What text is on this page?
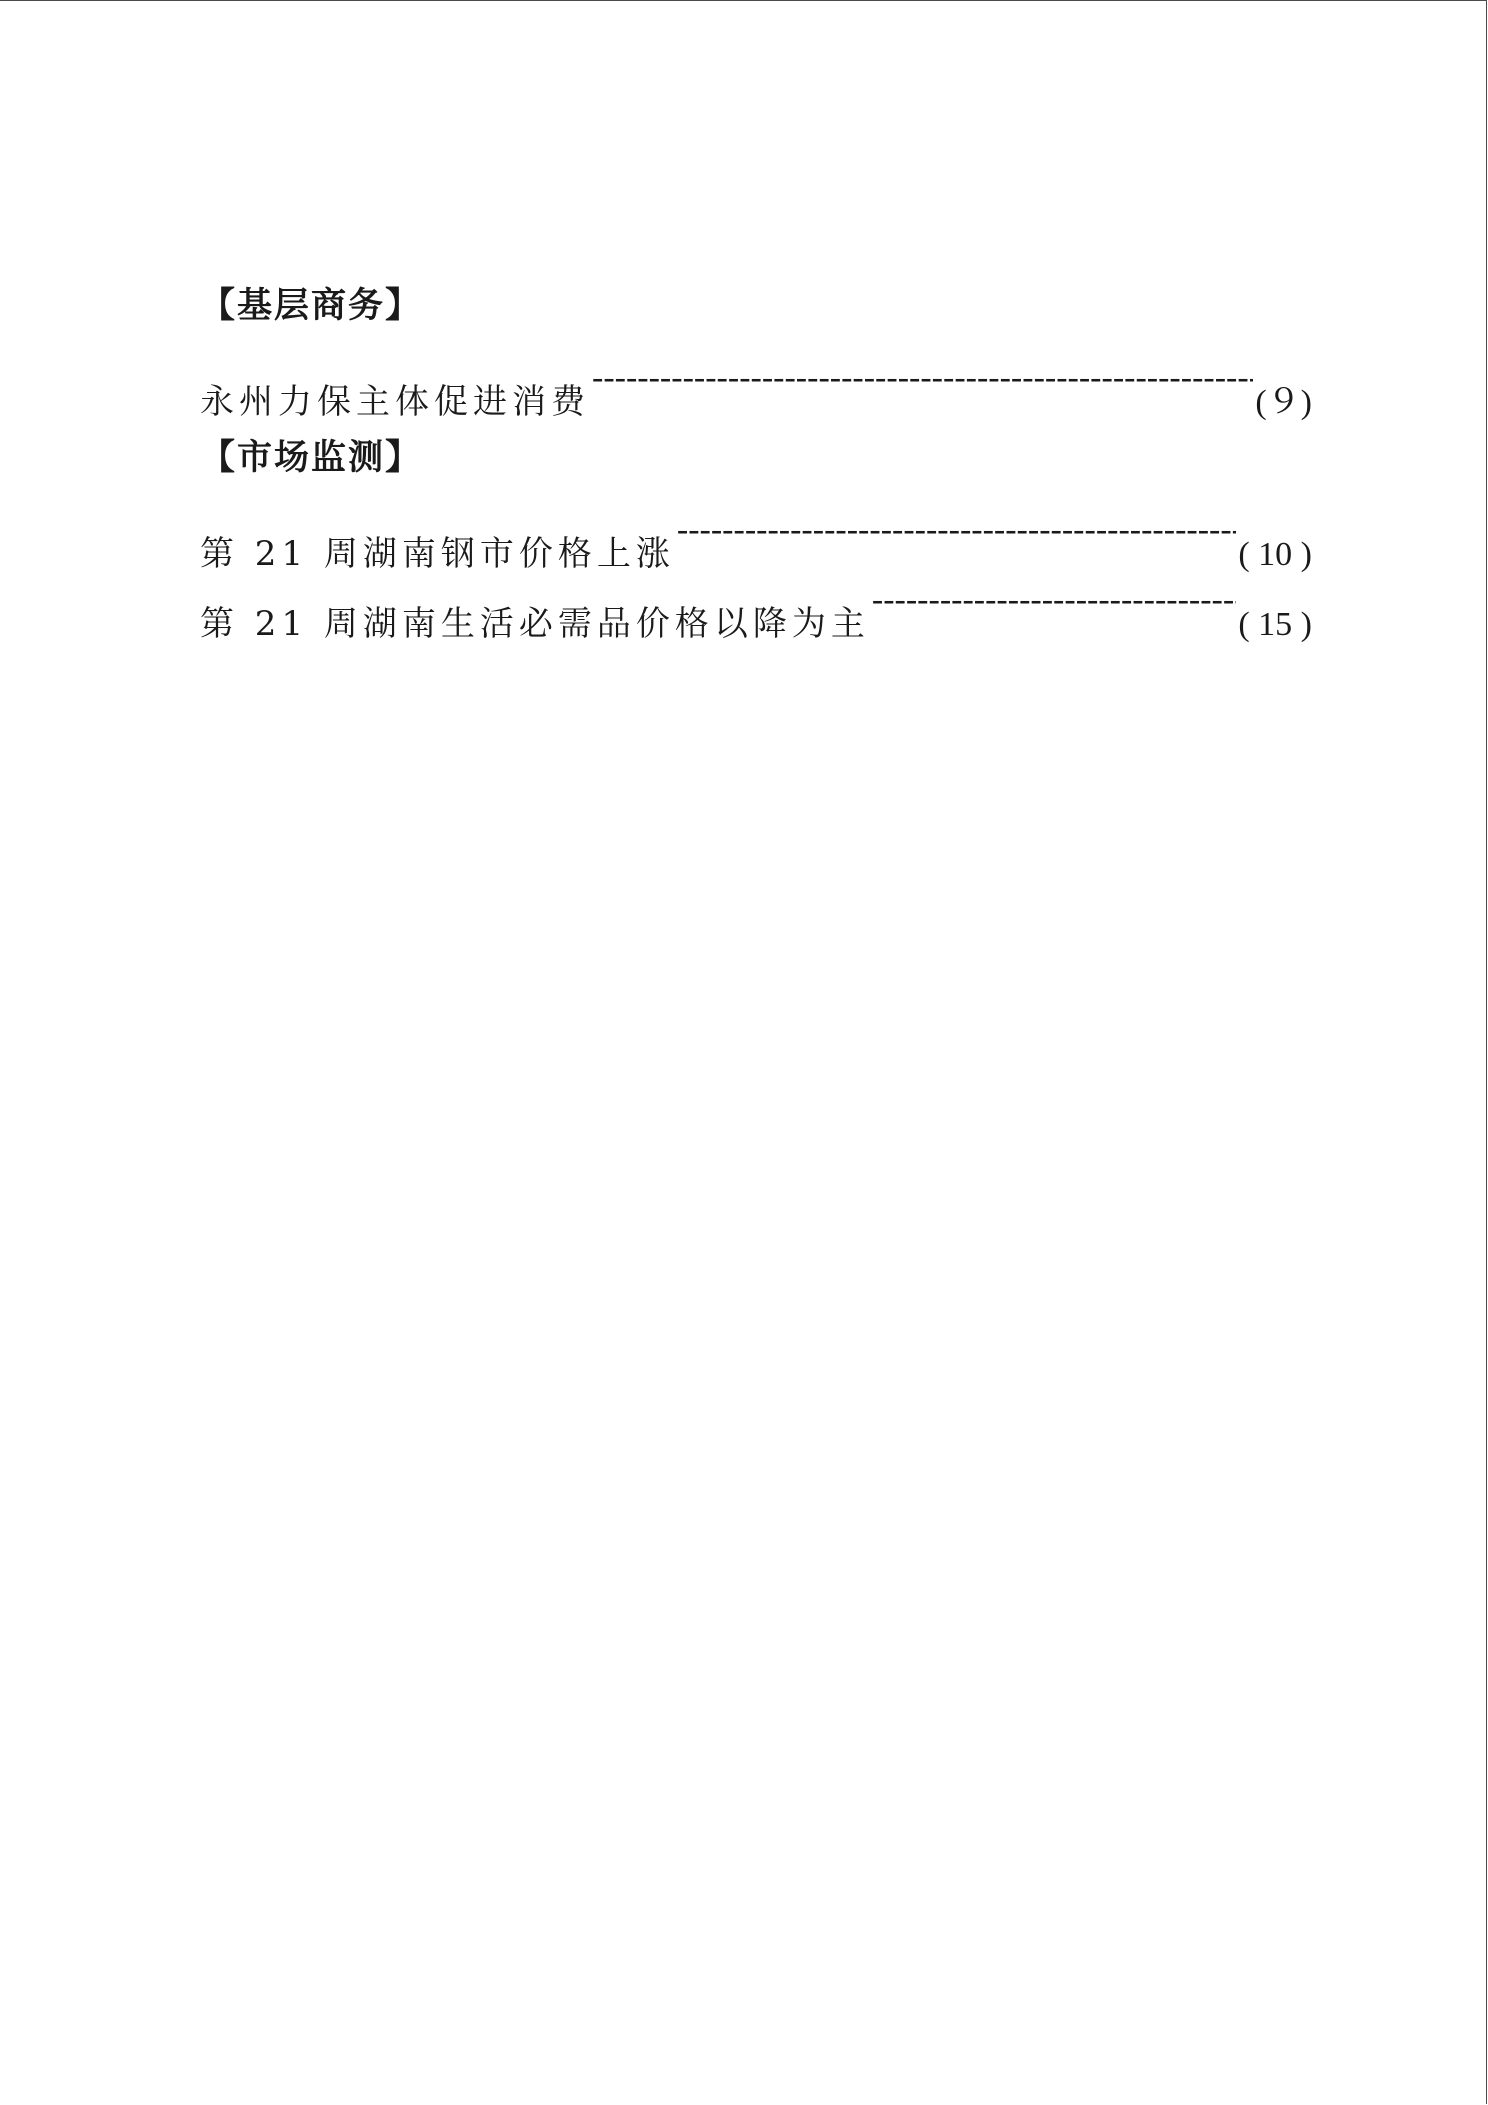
【基层商务】
永州力保主体促进消费 -----	(９)
【市场监测】
第 21 周湖南钢市价格上涨 -----	( 10 )
第 21 周湖南生活必需品价格以降为主 -----	( 15 )
